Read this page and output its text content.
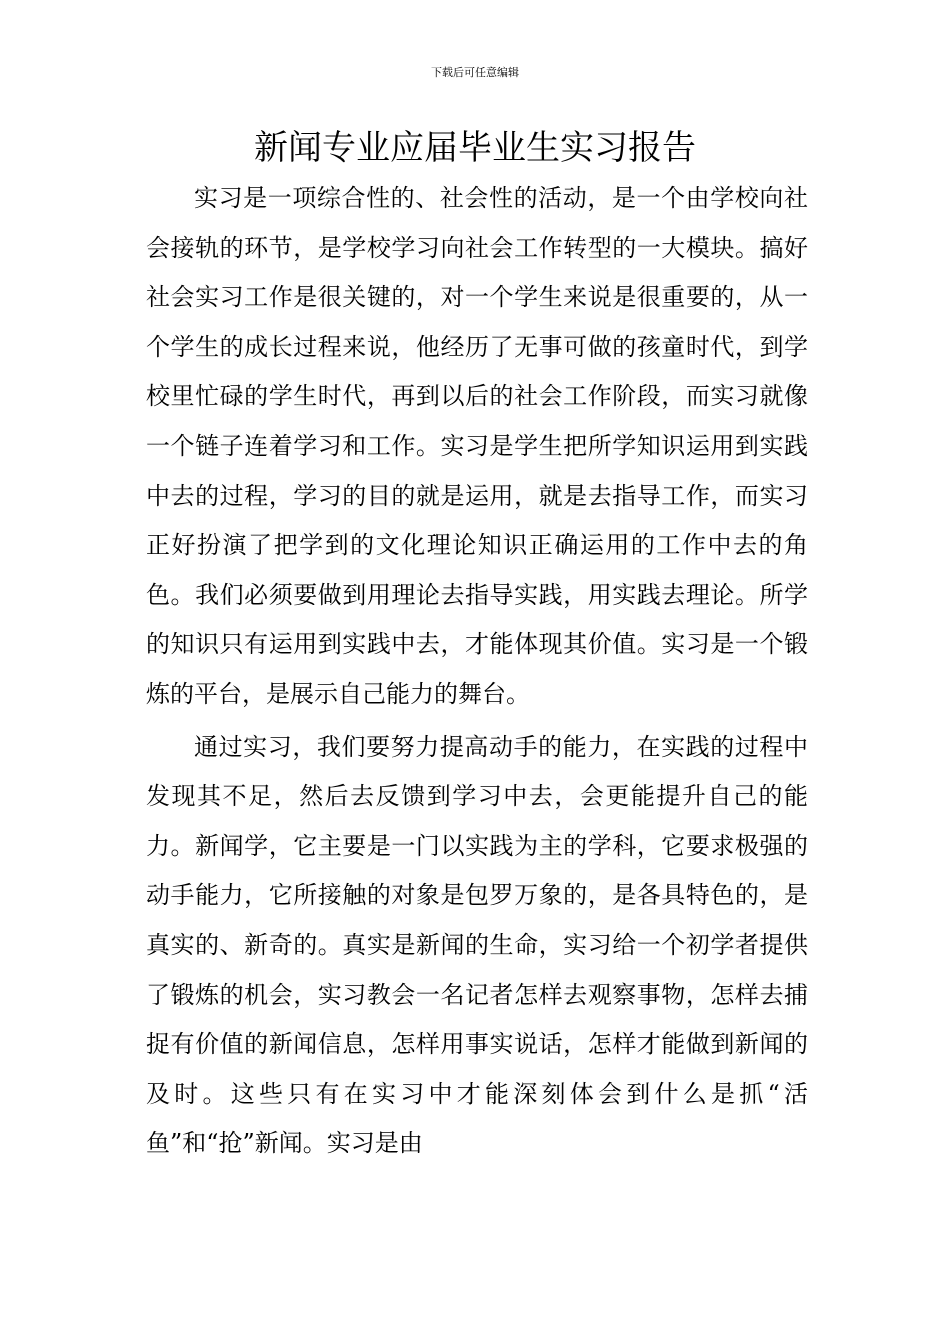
下载后可任意编辑
新闻专业应届毕业生实习报告

实习是一项综合性的、社会性的活动，是一个由学校向社会接轨的环节，是学校学习向社会工作转型的一大模块。搞好社会实习工作是很关键的，对一个学生来说是很重要的，从一个学生的成长过程来说，他经历了无事可做的孩童时代，到学校里忙碌的学生时代，再到以后的社会工作阶段，而实习就像一个链子连着学习和工作。实习是学生把所学知识运用到实践中去的过程，学习的目的就是运用，就是去指导工作，而实习正好扮演了把学到的文化理论知识正确运用的工作中去的角色。我们必须要做到用理论去指导实践，用实践去理论。所学的知识只有运用到实践中去，才能体现其价值。实习是一个锻炼的平台，是展示自己能力的舞台。

通过实习，我们要努力提高动手的能力，在实践的过程中发现其不足，然后去反馈到学习中去，会更能提升自己的能力。新闻学，它主要是一门以实践为主的学科，它要求极强的动手能力，它所接触的对象是包罗万象的，是各具特色的，是真实的、新奇的。真实是新闻的生命，实习给一个初学者提供了锻炼的机会，实习教会一名记者怎样去观察事物，怎样去捕捉有价值的新闻信息，怎样用事实说话，怎样才能做到新闻的及时。这些只有在实习中才能深刻体会到什么是抓“活鱼”和“抢”新闻。实习是由
